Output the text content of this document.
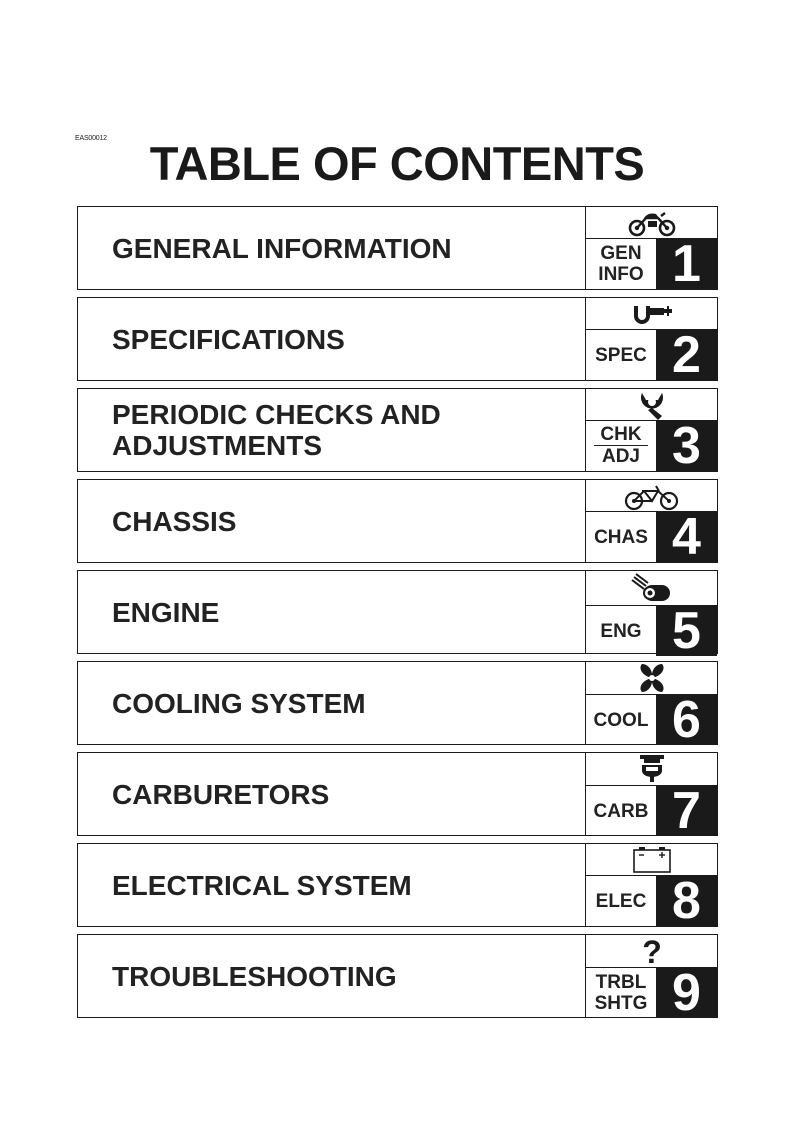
EAS00012 TABLE OF CONTENTS
GENERAL INFORMATION	GEN
INFO 1
SPECIFICATIONS
SPEC 2
PERIODIC CHECKS AND
ADJUSTMENTS	CHK
ADJ 3
CHASSIS
CHAS 4
ENGINE
ENG 5
COOLING SYSTEM
COOL 6
CARBURETORS
CARB 7
ELECTRICAL SYSTEM
ELEC 8
TROUBLESHOOTING
?
TRBL
SHTG 9
